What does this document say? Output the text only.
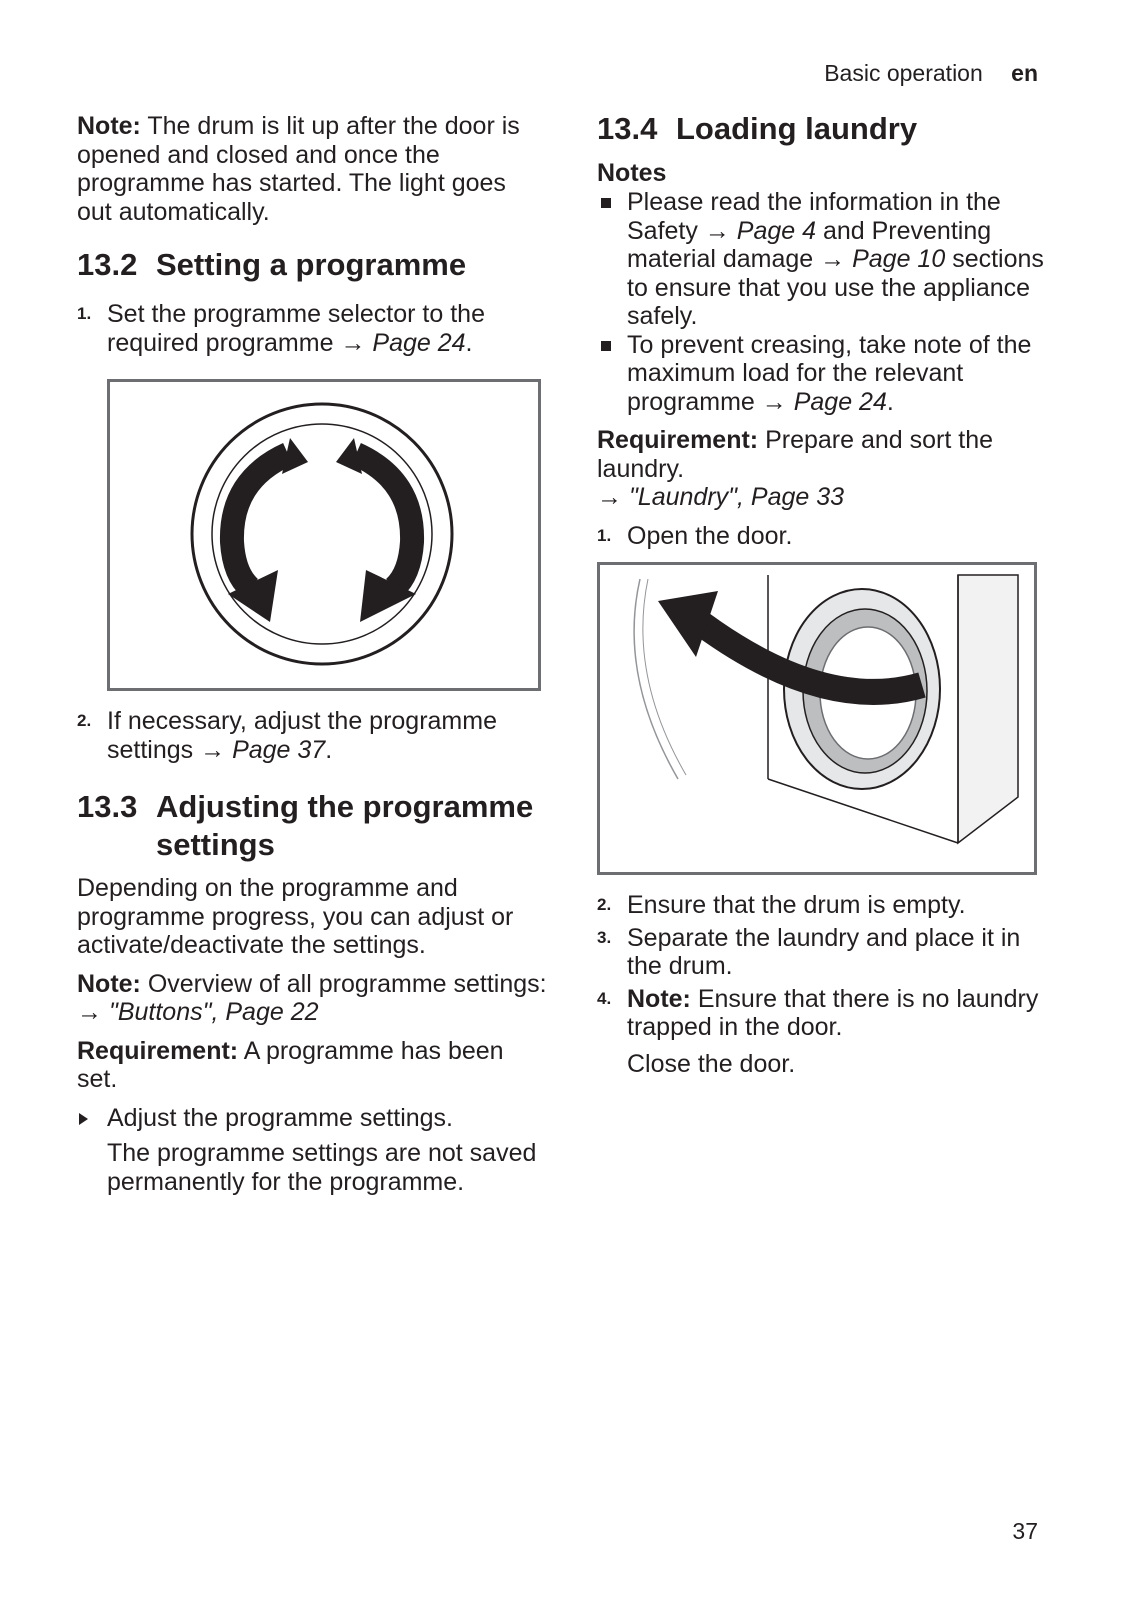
Basic operation en

Note: The drum is lit up after the door is opened and closed and once the programme has started. The light goes out automatically.

13.2 Setting a programme
1. Set the programme selector to the required programme → Page 24.
2. If necessary, adjust the programme settings → Page 37.
13.3 Adjusting the programme settings

Depending on the programme and programme progress, you can adjust or activate/deactivate the settings.

Note: Overview of all programme settings:

→ "Buttons", Page 22

Requirement: A programme has been set.

Adjust the programme settings.

The programme settings are not saved permanently for the programme.

13.4 Loading laundry
Notes
Please read the information in the Safety → Page 4 and Preventing material damage → Page 10 sections to ensure that you use the appliance safely.
To prevent creasing, take note of the maximum load for the relevant programme → Page 24.

Requirement: Prepare and sort the laundry.

→ "Laundry", Page 33

1. Open the door.
2. Ensure that the drum is empty.
3. Separate the laundry and place it in the drum.
4. Note: Ensure that there is no laundry trapped in the door.

Close the door.

37
